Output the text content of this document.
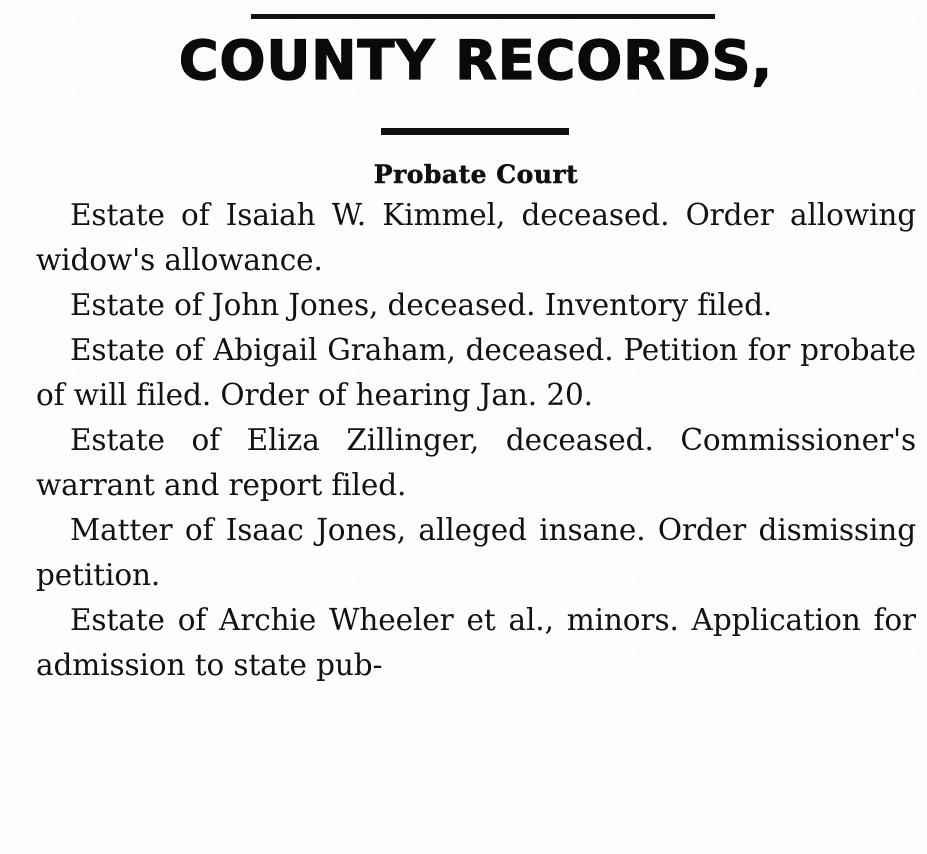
COUNTY RECORDS,
Probate Court

Estate of Isaiah W. Kimmel, deceased. Order allowing widow's allowance.

Estate of John Jones, deceased. Inventory filed.

Estate of Abigail Graham, deceased. Petition for probate of will filed. Order of hearing Jan. 20.

Estate of Eliza Zillinger, deceased. Commissioner's warrant and report filed.

Matter of Isaac Jones, alleged insane. Order dismissing petition.

Estate of Archie Wheeler et al., minors. Application for admission to state pub-
